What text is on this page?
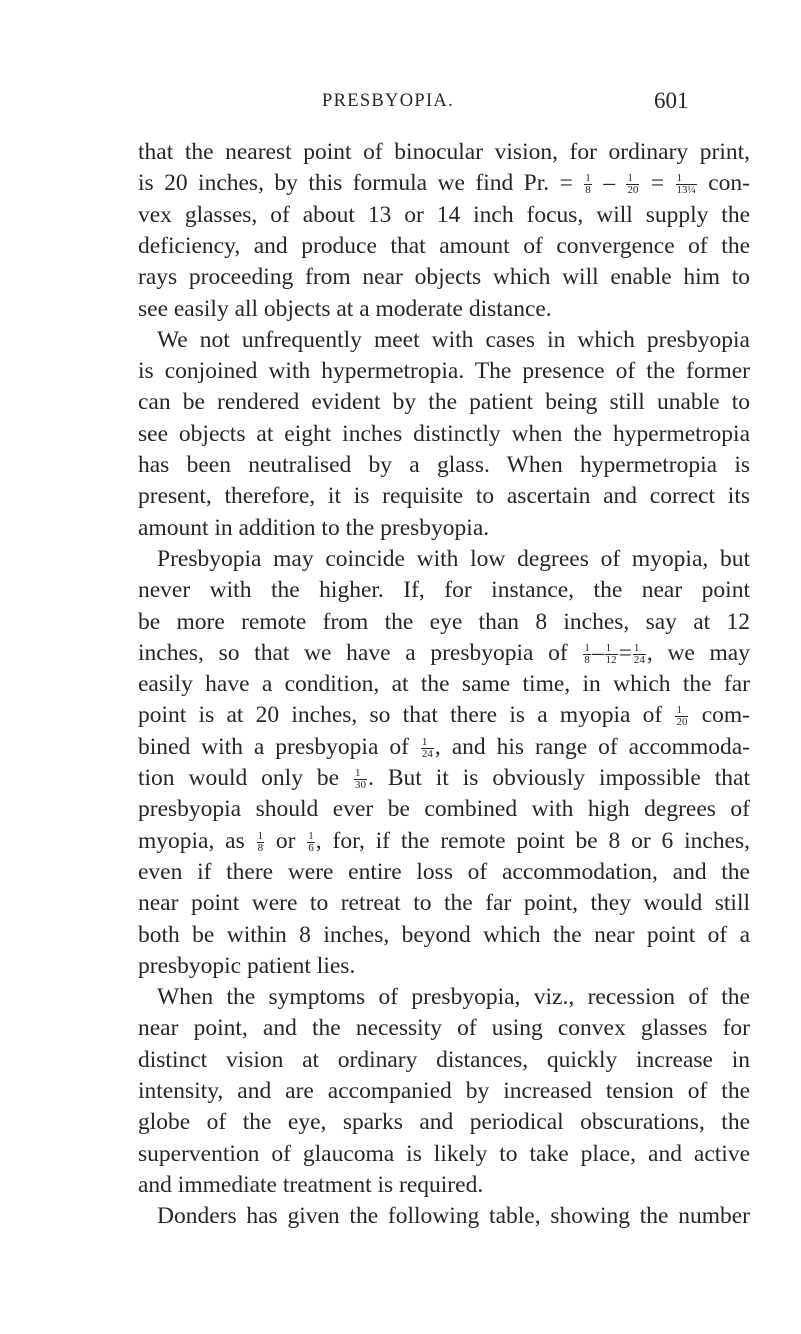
PRESBYOPIA.	601
that the nearest point of binocular vision, for ordinary print,
is 20 inches, by this formula we find Pr. = $\frac{1}{8} - \frac{1}{20} = \frac{1}{\text{13¼}} con-$
vex glasses, of about 13 or 14 inch focus, will supply the
deficiency, and produce that amount of convergence of the
rays proceeding from near objects which will enable him to
see easily all objects at a moderate distance.
We not unfrequently meet with cases in which presbyopia
is conjoined with hypermetropia. The presence of the former
can be rendered evident by the patient being still unable to
see objects at eight inches distinctly when the hypermetropia
has been neutralised by a glass. When hypermetropia is
present, therefore, it is requisite to ascertain and correct its
amount in addition to the presbyopia.
Presbyopia may coincide with low degrees of myopia, but
never with the higher. If, for instance, the near point
be more remote from the eye than 8 inches, say at 12
inches, so that we have a presbyopia of $\frac{1}{8} - \frac{1}{12} = \frac{1}{24}$ , we may
easily have a condition, at the same time, in which the far
point is at 20 inches, so that there is a myopia of $\frac{1}{20} com-$
bined with a presbyopia of $\frac{1}{24}$ , and his range of accommoda-
tion would only be $\frac{1}{30}$ . But it is obviously impossible that
presbyopia should ever be combined with high degrees of
myopia, as $\frac{1}{8}$ or $\frac{1}{6}$ , for, if the remote point be 8 or 6 inches,
even if there were entire loss of accommodation, and the
near point were to retreat to the far point, they would still
both be within 8 inches, beyond which the near point of a
presbyopic patient lies.
When the symptoms of presbyopia, viz., recession of the
near point, and the necessity of using convex glasses for
distinct vision at ordinary distances, quickly increase in
intensity, and are accompanied by increased tension of the
globe of the eye, sparks and periodical obscurations, the
supervention of glaucoma is likely to take place, and active
and immediate treatment is required.
Donders has given the following table, showing the number
